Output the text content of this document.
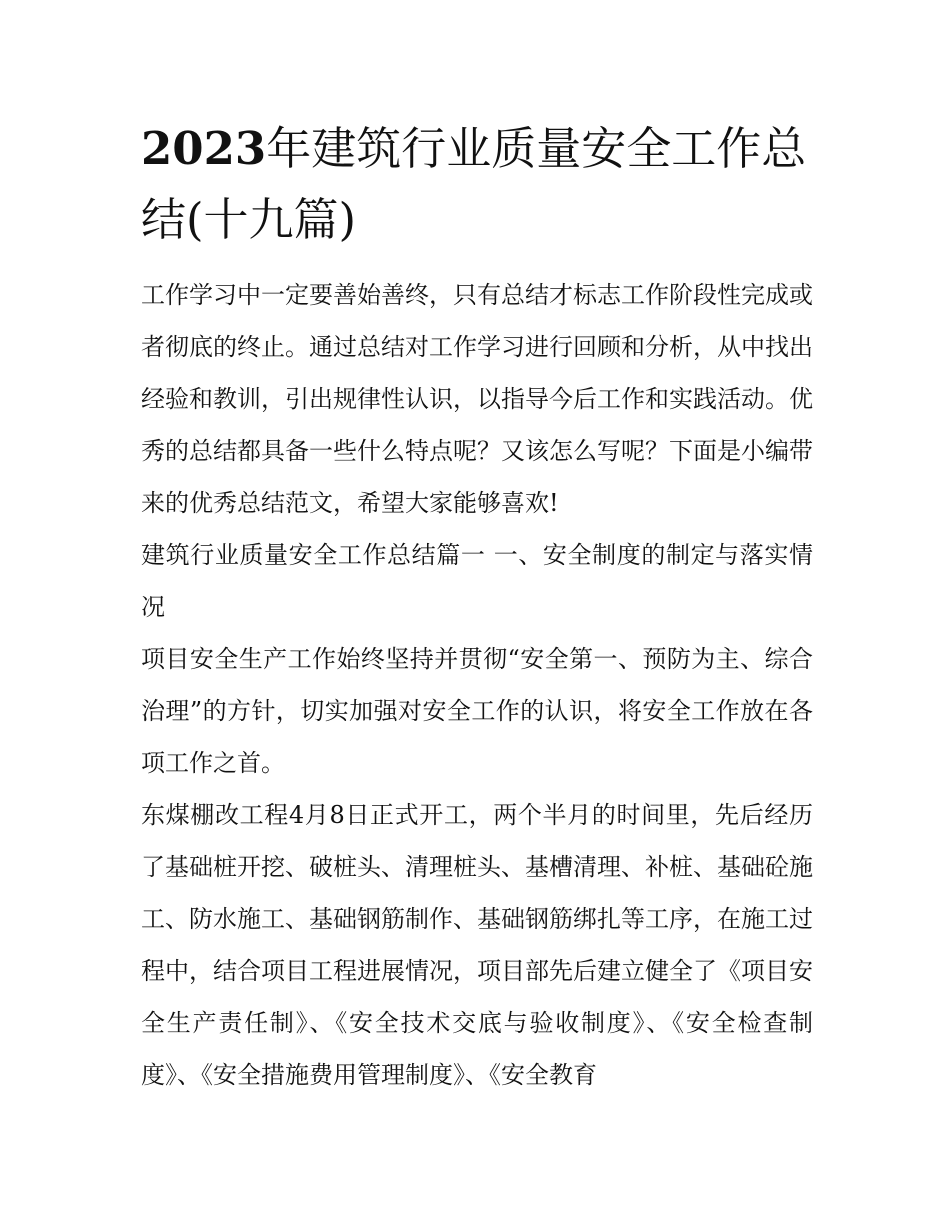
2023年建筑行业质量安全工作总结(十九篇)

工作学习中一定要善始善终，只有总结才标志工作阶段性完成或者彻底的终止。通过总结对工作学习进行回顾和分析，从中找出经验和教训，引出规律性认识，以指导今后工作和实践活动。优秀的总结都具备一些什么特点呢？又该怎么写呢？下面是小编带来的优秀总结范文，希望大家能够喜欢!

建筑行业质量安全工作总结篇一 一、安全制度的制定与落实情况

项目安全生产工作始终坚持并贯彻“安全第一、预防为主、综合治理”的方针，切实加强对安全工作的认识，将安全工作放在各项工作之首。

东煤棚改工程4月8日正式开工，两个半月的时间里，先后经历了基础桩开挖、破桩头、清理桩头、基槽清理、补桩、基础砼施工、防水施工、基础钢筋制作、基础钢筋绑扎等工序，在施工过程中，结合项目工程进展情况，项目部先后建立健全了《项目安全生产责任制》、《安全技术交底与验收制度》、《安全检查制度》、《安全措施费用管理制度》、《安全教育
